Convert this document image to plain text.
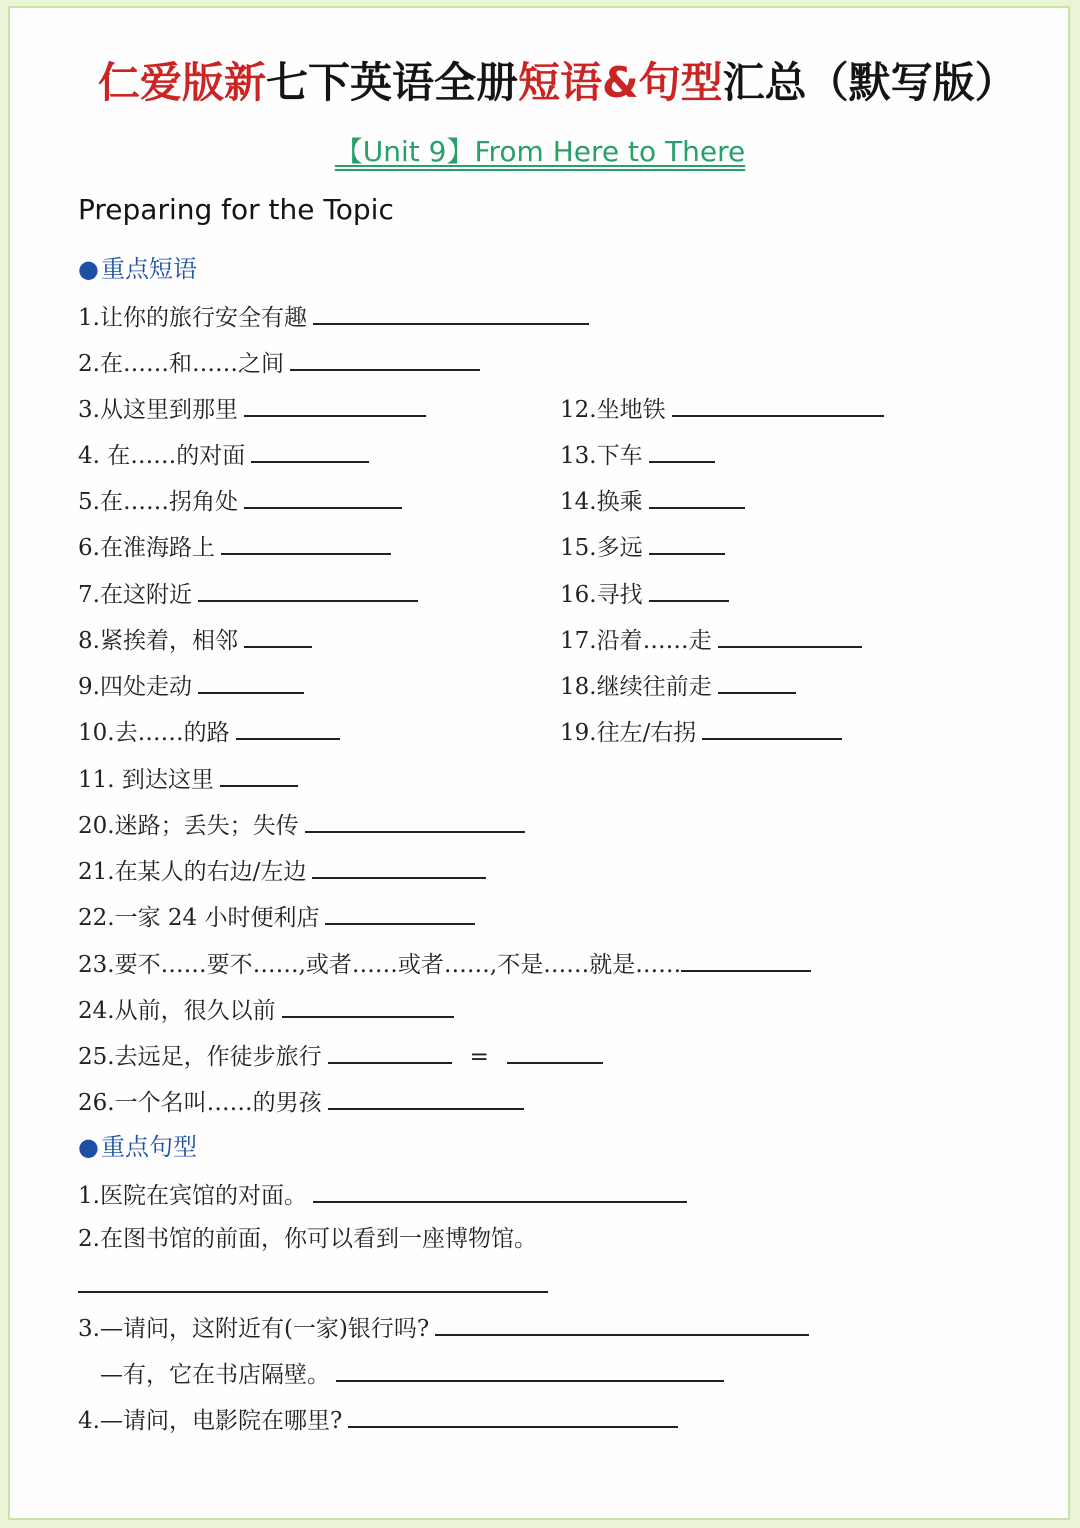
仁爱版新七下英语全册短语&句型汇总（默写版）
【Unit 9】From Here to There
Preparing for the Topic
●重点短语
1.让你的旅行安全有趣
2.在……和……之间
3.从这里到那里
4. 在……的对面
5.在……拐角处
6.在淮海路上
7.在这附近
8.紧挨着，相邻
9.四处走动
10.去……的路
11. 到达这里
12.坐地铁
13.下车
14.换乘
15.多远
16.寻找
17.沿着……走
18.继续往前走
19.往左/右拐
20.迷路；丢失；失传
21.在某人的右边/左边
22.一家 24 小时便利店
23.要不……要不……,或者……或者……,不是……就是……
24.从前，很久以前
25.去远足，作徒步旅行	=
26.一个名叫……的男孩
●重点句型
1.医院在宾馆的对面。
2.在图书馆的前面，你可以看到一座博物馆。
3.—请问，这附近有(一家)银行吗?
—有，它在书店隔壁。
4.—请问，电影院在哪里?
